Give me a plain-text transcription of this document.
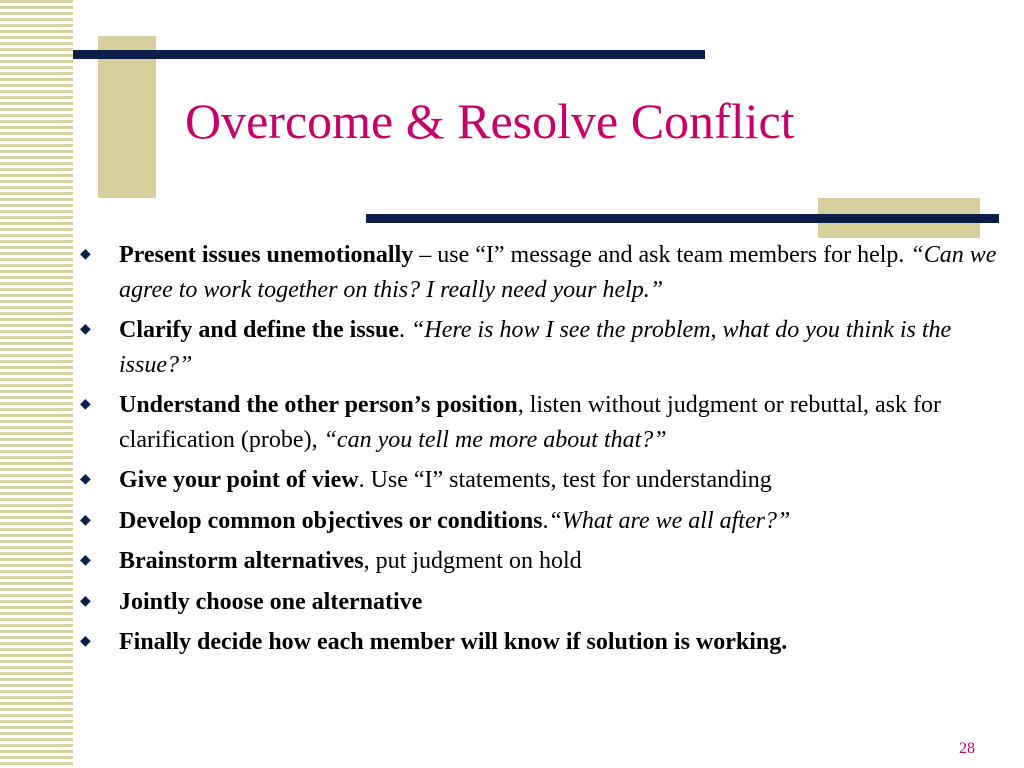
Overcome & Resolve Conflict
◆ Present issues unemotionally – use “I” message and ask team members for help. “Can we agree to work together on this? I really need your help.”
◆ Clarify and define the issue. “Here is how I see the problem, what do you think is the issue?”
◆ Understand the other person’s position, listen without judgment or rebuttal, ask for clarification (probe), “can you tell me more about that?”
◆ Give your point of view. Use “I” statements, test for understanding
◆ Develop common objectives or conditions.“What are we all after?”
◆ Brainstorm alternatives, put judgment on hold
◆ Jointly choose one alternative
◆ Finally decide how each member will know if solution is working.
28
